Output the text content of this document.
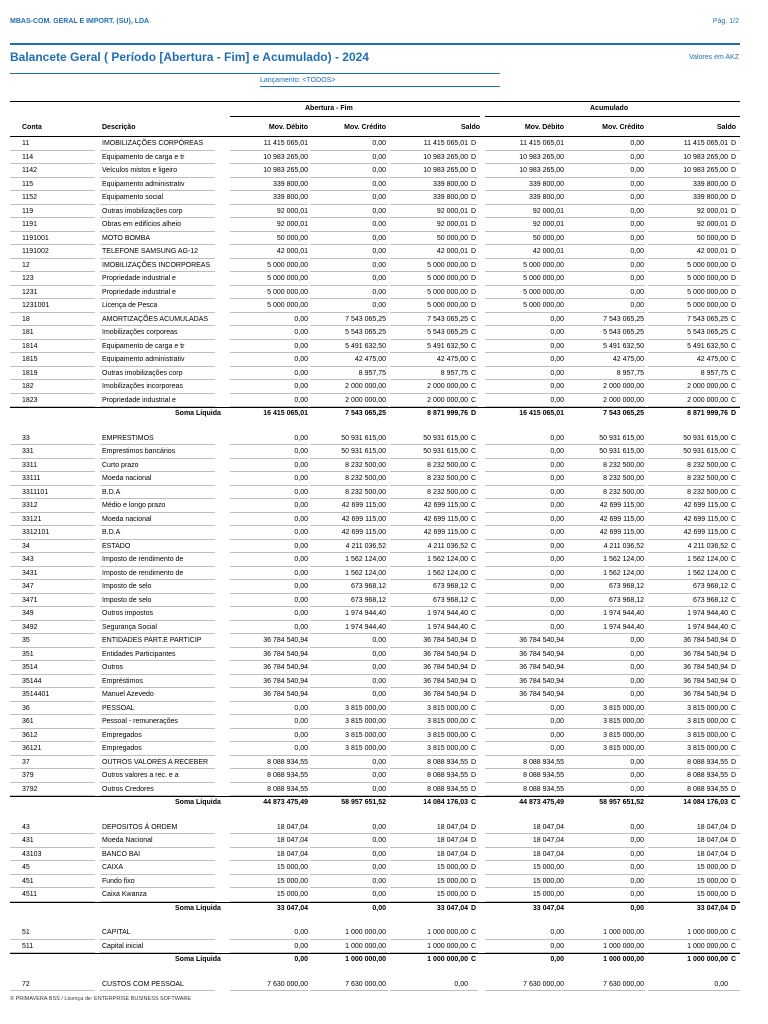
MBAS-COM. GERAL E IMPORT. (SU), LDA	Pág. 1/2
Balancete Geral ( Período [Abertura - Fim] e Acumulado) - 2024	Valores em AKZ
Lançamento: <TODOS>
Abertura - Fim	Acumulado
Conta	Descrição	Mov. Débito	Mov. Crédito	Saldo	Mov. Débito	Mov. Crédito	Saldo
11	IMOBILIZAÇÕES CORPÓREAS	11 415 065,01	0,00	11 415 065,01 D	11 415 065,01	0,00	11 415 065,01 D
114	Equipamento de carga e tr	10 983 265,00	0,00	10 983 265,00 D	10 983 265,00	0,00	10 983 265,00 D
1142	Veículos mistos e ligeiro	10 983 265,00	0,00	10 983 265,00 D	10 983 265,00	0,00	10 983 265,00 D
115	Equipamento administrativ	339 800,00	0,00	339 800,00 D	339 800,00	0,00	339 800,00 D
1152	Equipamento social	339 800,00	0,00	339 800,00 D	339 800,00	0,00	339 800,00 D
119	Outras imobilizações corp	92 000,01	0,00	92 000,01 D	92 000,01	0,00	92 000,01 D
1191	Obras em edifícios alheio	92 000,01	0,00	92 000,01 D	92 000,01	0,00	92 000,01 D
1191001	MOTO BOMBA	50 000,00	0,00	50 000,00 D	50 000,00	0,00	50 000,00 D
1191002	TELEFONE SAMSUNG AG-12	42 000,01	0,00	42 000,01 D	42 000,01	0,00	42 000,01 D
12	IMOBILIZAÇÕES INCORPOREAS	5 000 000,00	0,00	5 000 000,00 D	5 000 000,00	0,00	5 000 000,00 D
123	Propriedade industrial e	5 000 000,00	0,00	5 000 000,00 D	5 000 000,00	0,00	5 000 000,00 D
1231	Propriedade industrial e	5 000 000,00	0,00	5 000 000,00 D	5 000 000,00	0,00	5 000 000,00 D
1231001	Licença de Pesca	5 000 000,00	0,00	5 000 000,00 D	5 000 000,00	0,00	5 000 000,00 D
18	AMORTIZAÇÕES ACUMULADAS	0,00	7 543 065,25	7 543 065,25 C	0,00	7 543 065,25	7 543 065,25 C
181	Imobilizações corporeas	0,00	5 543 065,25	5 543 065,25 C	0,00	5 543 065,25	5 543 065,25 C
1814	Equipamento de carga e tr	0,00	5 491 632,50	5 491 632,50 C	0,00	5 491 632,50	5 491 632,50 C
1815	Equipamento administrativ	0,00	42 475,00	42 475,00 C	0,00	42 475,00	42 475,00 C
1819	Outras imobilizações corp	0,00	8 957,75	8 957,75 C	0,00	8 957,75	8 957,75 C
182	Imobilizações incorporeas	0,00	2 000 000,00	2 000 000,00 C	0,00	2 000 000,00	2 000 000,00 C
1823	Propriedade industrial e	0,00	2 000 000,00	2 000 000,00 C	0,00	2 000 000,00	2 000 000,00 C
Soma Líquida	16 415 065,01	7 543 065,25	8 871 999,76 D	16 415 065,01	7 543 065,25	8 871 999,76 D
33	EMPRESTIMOS	0,00	50 931 615,00	50 931 615,00 C	0,00	50 931 615,00	50 931 615,00 C
331	Emprestimos bancários	0,00	50 931 615,00	50 931 615,00 C	0,00	50 931 615,00	50 931 615,00 C
3311	Curto prazo	0,00	8 232 500,00	8 232 500,00 C	0,00	8 232 500,00	8 232 500,00 C
33111	Moeda nacional	0,00	8 232 500,00	8 232 500,00 C	0,00	8 232 500,00	8 232 500,00 C
3311101	B.D.A	0,00	8 232 500,00	8 232 500,00 C	0,00	8 232 500,00	8 232 500,00 C
3312	Médio e longo prazo	0,00	42 699 115,00	42 699 115,00 C	0,00	42 699 115,00	42 699 115,00 C
33121	Moeda nacional	0,00	42 699 115,00	42 699 115,00 C	0,00	42 699 115,00	42 699 115,00 C
3312101	B.D.A	0,00	42 699 115,00	42 699 115,00 C	0,00	42 699 115,00	42 699 115,00 C
34	ESTADO	0,00	4 211 036,52	4 211 036,52 C	0,00	4 211 036,52	4 211 036,52 C
343	Imposto de rendimento de	0,00	1 562 124,00	1 562 124,00 C	0,00	1 562 124,00	1 562 124,00 C
3431	Imposto de rendimento de	0,00	1 562 124,00	1 562 124,00 C	0,00	1 562 124,00	1 562 124,00 C
347	Imposto de selo	0,00	673 968,12	673 968,12 C	0,00	673 968,12	673 968,12 C
3471	Imposto de selo	0,00	673 968,12	673 968,12 C	0,00	673 968,12	673 968,12 C
349	Outros impostos	0,00	1 974 944,40	1 974 944,40 C	0,00	1 974 944,40	1 974 944,40 C
3492	Segurança Social	0,00	1 974 944,40	1 974 944,40 C	0,00	1 974 944,40	1 974 944,40 C
35	ENTIDADES PART.E PARTICIP	36 784 540,94	0,00	36 784 540,94 D	36 784 540,94	0,00	36 784 540,94 D
351	Entidades Participantes	36 784 540,94	0,00	36 784 540,94 D	36 784 540,94	0,00	36 784 540,94 D
3514	Outros	36 784 540,94	0,00	36 784 540,94 D	36 784 540,94	0,00	36 784 540,94 D
35144	Empréstimos	36 784 540,94	0,00	36 784 540,94 D	36 784 540,94	0,00	36 784 540,94 D
3514401	Manuel Azevedo	36 784 540,94	0,00	36 784 540,94 D	36 784 540,94	0,00	36 784 540,94 D
36	PESSOAL	0,00	3 815 000,00	3 815 000,00 C	0,00	3 815 000,00	3 815 000,00 C
361	Pessoal - remunerações	0,00	3 815 000,00	3 815 000,00 C	0,00	3 815 000,00	3 815 000,00 C
3612	Empregados	0,00	3 815 000,00	3 815 000,00 C	0,00	3 815 000,00	3 815 000,00 C
36121	Empregados	0,00	3 815 000,00	3 815 000,00 C	0,00	3 815 000,00	3 815 000,00 C
37	OUTROS VALORES A RECEBER	8 088 934,55	0,00	8 088 934,55 D	8 088 934,55	0,00	8 088 934,55 D
379	Outros valores a rec. e a	8 088 934,55	0,00	8 088 934,55 D	8 088 934,55	0,00	8 088 934,55 D
3792	Outros Credores	8 088 934,55	0,00	8 088 934,55 D	8 088 934,55	0,00	8 088 934,55 D
Soma Líquida	44 873 475,49	58 957 651,52	14 084 176,03 C	44 873 475,49	58 957 651,52	14 084 176,03 C
43	DEPOSITOS Á ORDEM	18 047,04	0,00	18 047,04 D	18 047,04	0,00	18 047,04 D
431	Moeda Nacional	18 047,04	0,00	18 047,04 D	18 047,04	0,00	18 047,04 D
43103	BANCO BAI	18 047,04	0,00	18 047,04 D	18 047,04	0,00	18 047,04 D
45	CAIXA	15 000,00	0,00	15 000,00 D	15 000,00	0,00	15 000,00 D
451	Fundo fixo	15 000,00	0,00	15 000,00 D	15 000,00	0,00	15 000,00 D
4511	Caixa Kwanza	15 000,00	0,00	15 000,00 D	15 000,00	0,00	15 000,00 D
Soma Líquida	33 047,04	0,00	33 047,04 D	33 047,04	0,00	33 047,04 D
51	CAPITAL	0,00	1 000 000,00	1 000 000,00 C	0,00	1 000 000,00	1 000 000,00 C
511	Capital inicial	0,00	1 000 000,00	1 000 000,00 C	0,00	1 000 000,00	1 000 000,00 C
Soma Líquida	0,00	1 000 000,00	1 000 000,00 C	0,00	1 000 000,00	1 000 000,00 C
72	CUSTOS COM PESSOAL	7 630 000,00	7 630 000,00	0,00	7 630 000,00	7 630 000,00	0,00
© PRIMAVERA BSS / Licença de: ENTERPRISE BUSINESS SOFTWARE
